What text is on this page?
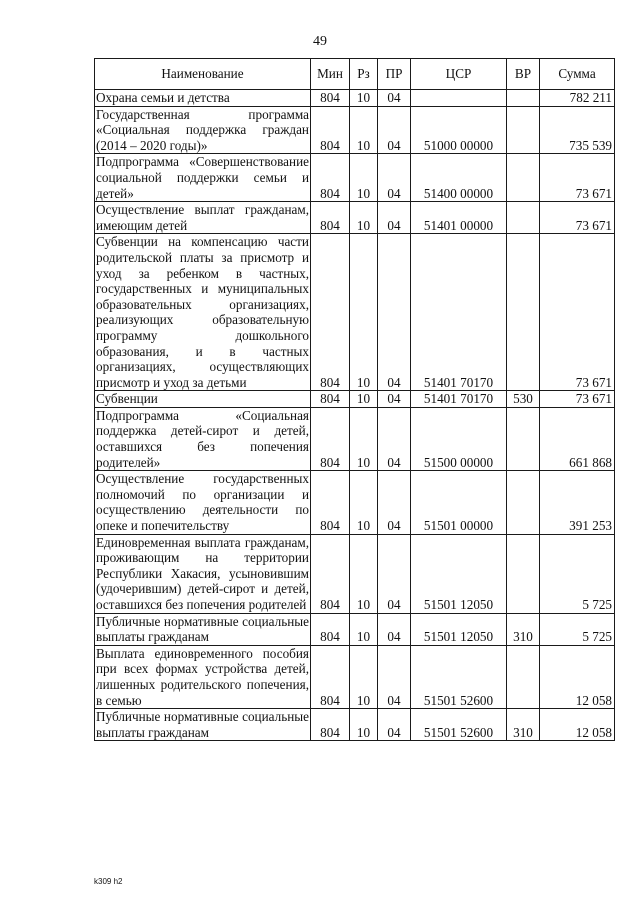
49
Наименование	Мин	Рз	ПР	ЦСР	ВР	Сумма
Охрана семьи и детства	804	10	04			782 211
Государственная программа «Социальная поддержка граждан (2014 – 2020 годы)»	804	10	04	51000 00000		735 539
Подпрограмма «Совершенствование социальной поддержки семьи и детей»	804	10	04	51400 00000		73 671
Осуществление выплат гражданам, имеющим детей	804	10	04	51401 00000		73 671
Субвенции на компенсацию части родительской платы за присмотр и уход за ребенком в частных, государственных и муниципальных образовательных организациях, реализующих образовательную программу дошкольного образования, и в частных организациях, осуществляющих присмотр и уход за детьми	804	10	04	51401 70170		73 671
Субвенции	804	10	04	51401 70170	530	73 671
Подпрограмма «Социальная поддержка детей-сирот и детей, оставшихся без попечения родителей»	804	10	04	51500 00000		661 868
Осуществление государственных полномочий по организации и осуществлению деятельности по опеке и попечительству	804	10	04	51501 00000		391 253
Единовременная выплата гражданам, проживающим на территории Республики Хакасия, усыновившим (удочерившим) детей-сирот и детей, оставшихся без попечения родителей	804	10	04	51501 12050		5 725
Публичные нормативные социальные выплаты гражданам	804	10	04	51501 12050	310	5 725
Выплата единовременного пособия при всех формах устройства детей, лишенных родительского попечения, в семью	804	10	04	51501 52600		12 058
Публичные нормативные социальные выплаты гражданам	804	10	04	51501 52600	310	12 058
k309 h2
